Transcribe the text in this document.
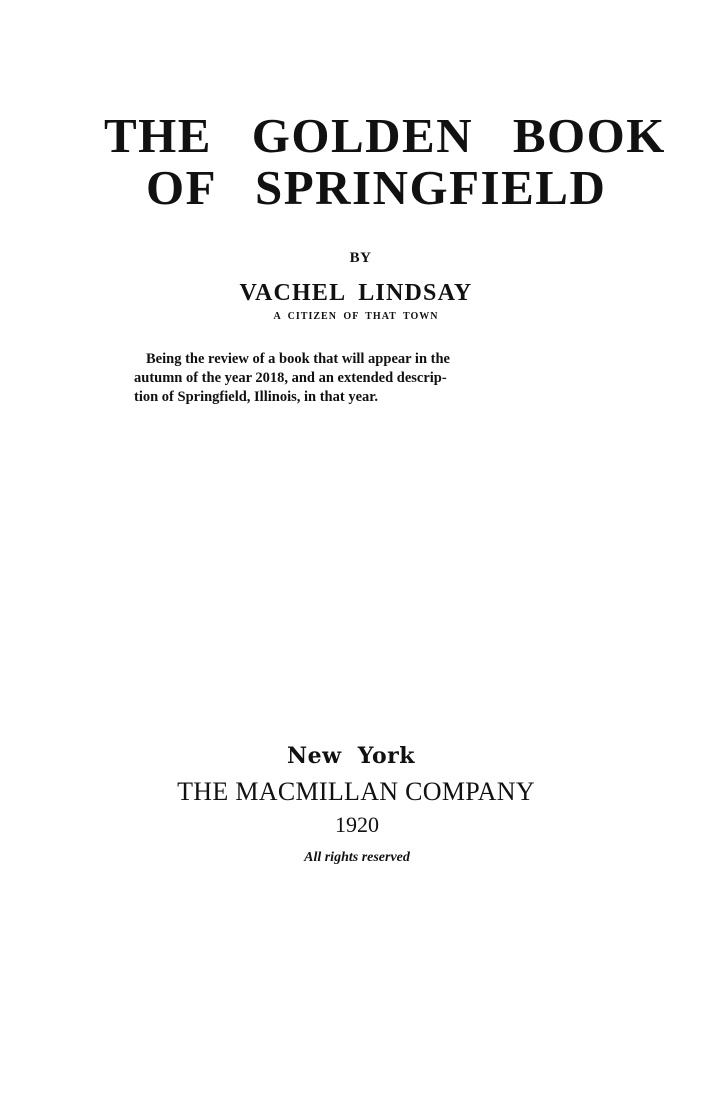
THE GOLDEN BOOK
OF SPRINGFIELD
BY
VACHEL LINDSAY
A CITIZEN OF THAT TOWN
Being the review of a book that will appear in the
autumn of the year 2018, and an extended descrip-
tion of Springfield, Illinois, in that year.
New York
THE MACMILLAN COMPANY
1920
All rights reserved
